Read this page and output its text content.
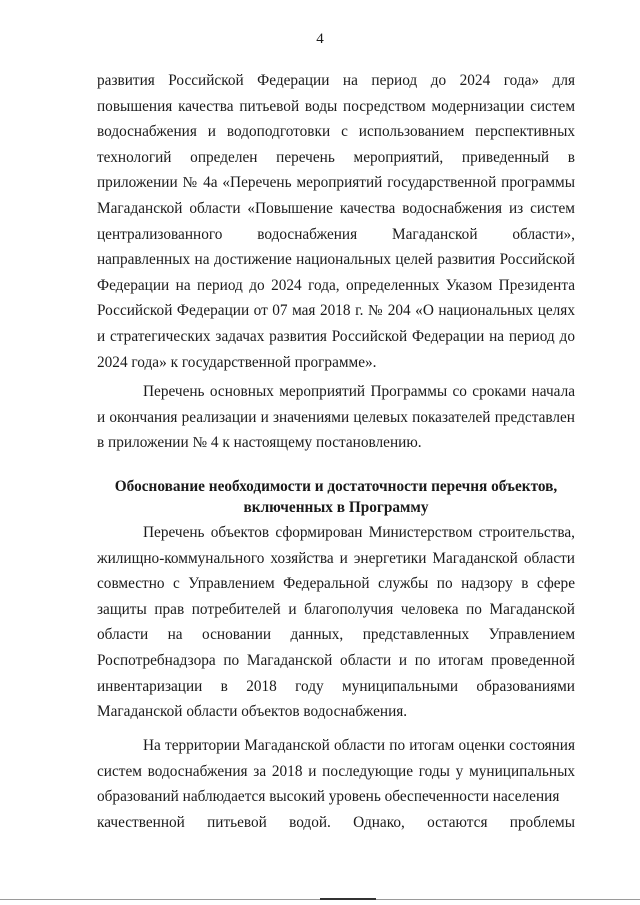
4

развития Российской Федерации на период до 2024 года» для повышения качества питьевой воды посредством модернизации систем водоснабжения и водоподготовки с использованием перспективных технологий определен перечень мероприятий, приведенный в приложении № 4а «Перечень мероприятий государственной программы Магаданской области «Повышение качества водоснабжения из систем централизованного водоснабжения Магаданской области», направленных на достижение национальных целей развития Российской Федерации на период до 2024 года, определенных Указом Президента Российской Федерации от 07 мая 2018 г. № 204 «О национальных целях и стратегических задачах развития Российской Федерации на период до 2024 года» к государственной программе».

Перечень основных мероприятий Программы со сроками начала и окончания реализации и значениями целевых показателей представлен в приложении № 4 к настоящему постановлению.

Обоснование необходимости и достаточности перечня объектов,
включенных в Программу

Перечень объектов сформирован Министерством строительства, жилищно-коммунального хозяйства и энергетики Магаданской области совместно с Управлением Федеральной службы по надзору в сфере защиты прав потребителей и благополучия человека по Магаданской области на основании данных, представленных Управлением Роспотребнадзора по Магаданской области и по итогам проведенной инвентаризации в 2018 году муниципальными образованиями Магаданской области объектов водоснабжения.

На территории Магаданской области по итогам оценки состояния систем водоснабжения за 2018 и последующие годы у муниципальных образований наблюдается высокий уровень обеспеченности населения

качественной питьевой водой. Однако, остаются проблемы
